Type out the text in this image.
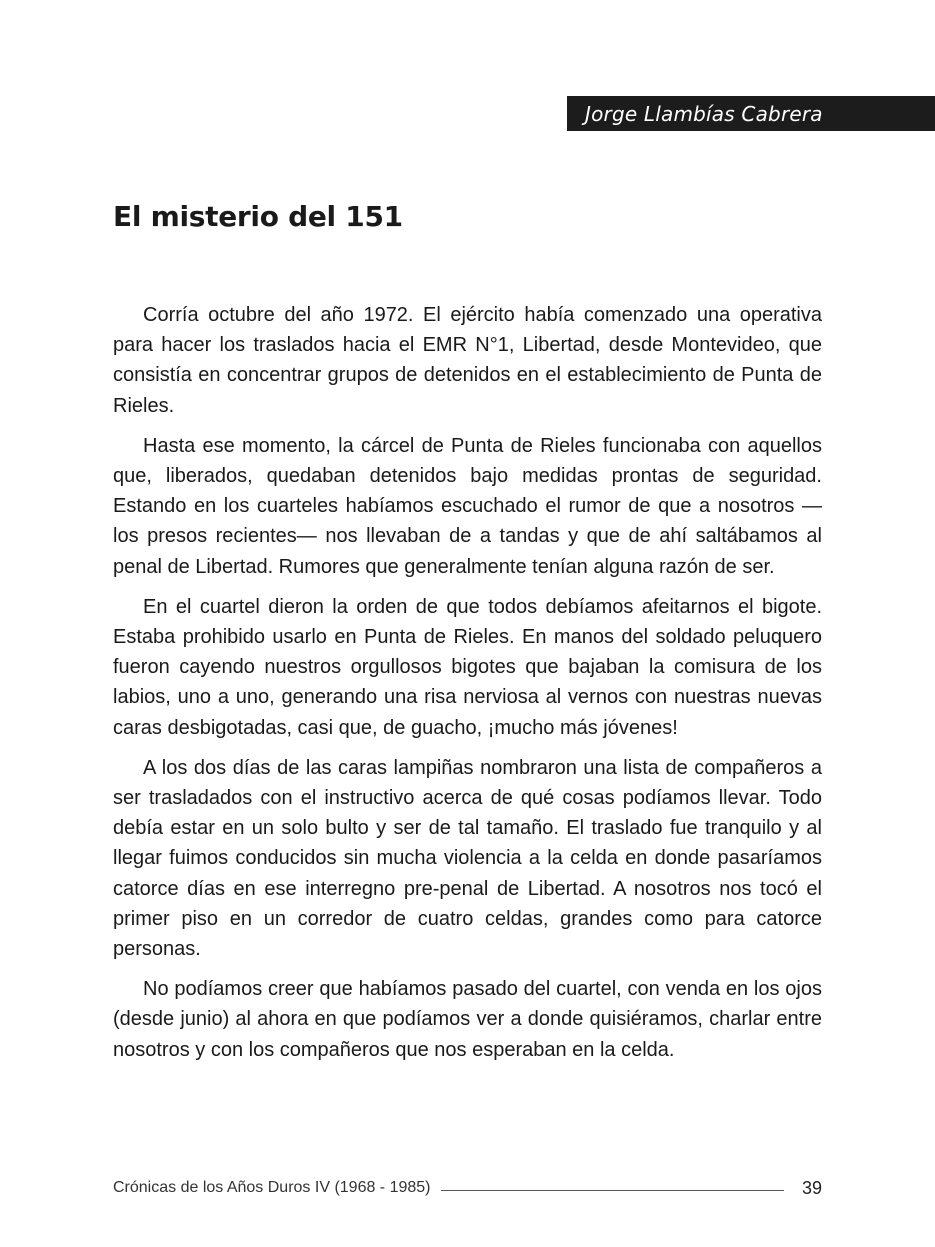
Jorge Llambías Cabrera
El misterio del 151

Corría octubre del año 1972. El ejército había comenzado una operativa para hacer los traslados hacia el EMR N°1, Libertad, desde Montevideo, que consistía en concentrar grupos de detenidos en el establecimiento de Punta de Rieles.

Hasta ese momento, la cárcel de Punta de Rieles funcionaba con aquellos que, liberados, quedaban detenidos bajo medidas prontas de seguridad. Estando en los cuarteles habíamos escuchado el rumor de que a nosotros —los presos recientes— nos llevaban de a tandas y que de ahí saltábamos al penal de Libertad. Rumores que generalmente tenían alguna razón de ser.

En el cuartel dieron la orden de que todos debíamos afeitarnos el bigote. Estaba prohibido usarlo en Punta de Rieles. En manos del soldado peluquero fueron cayendo nuestros orgullosos bigotes que bajaban la comisura de los labios, uno a uno, generando una risa nerviosa al vernos con nuestras nuevas caras desbigotadas, casi que, de guacho, ¡mucho más jóvenes!

A los dos días de las caras lampiñas nombraron una lista de compañeros a ser trasladados con el instructivo acerca de qué cosas podíamos llevar. Todo debía estar en un solo bulto y ser de tal tamaño. El traslado fue tranquilo y al llegar fuimos conducidos sin mucha violencia a la celda en donde pasaríamos catorce días en ese interregno pre-penal de Libertad. A nosotros nos tocó el primer piso en un corredor de cuatro celdas, grandes como para catorce personas.

No podíamos creer que habíamos pasado del cuartel, con venda en los ojos (desde junio) al ahora en que podíamos ver a donde quisiéramos, charlar entre nosotros y con los compañeros que nos esperaban en la celda.

Crónicas de los Años Duros IV (1968 - 1985)	39
